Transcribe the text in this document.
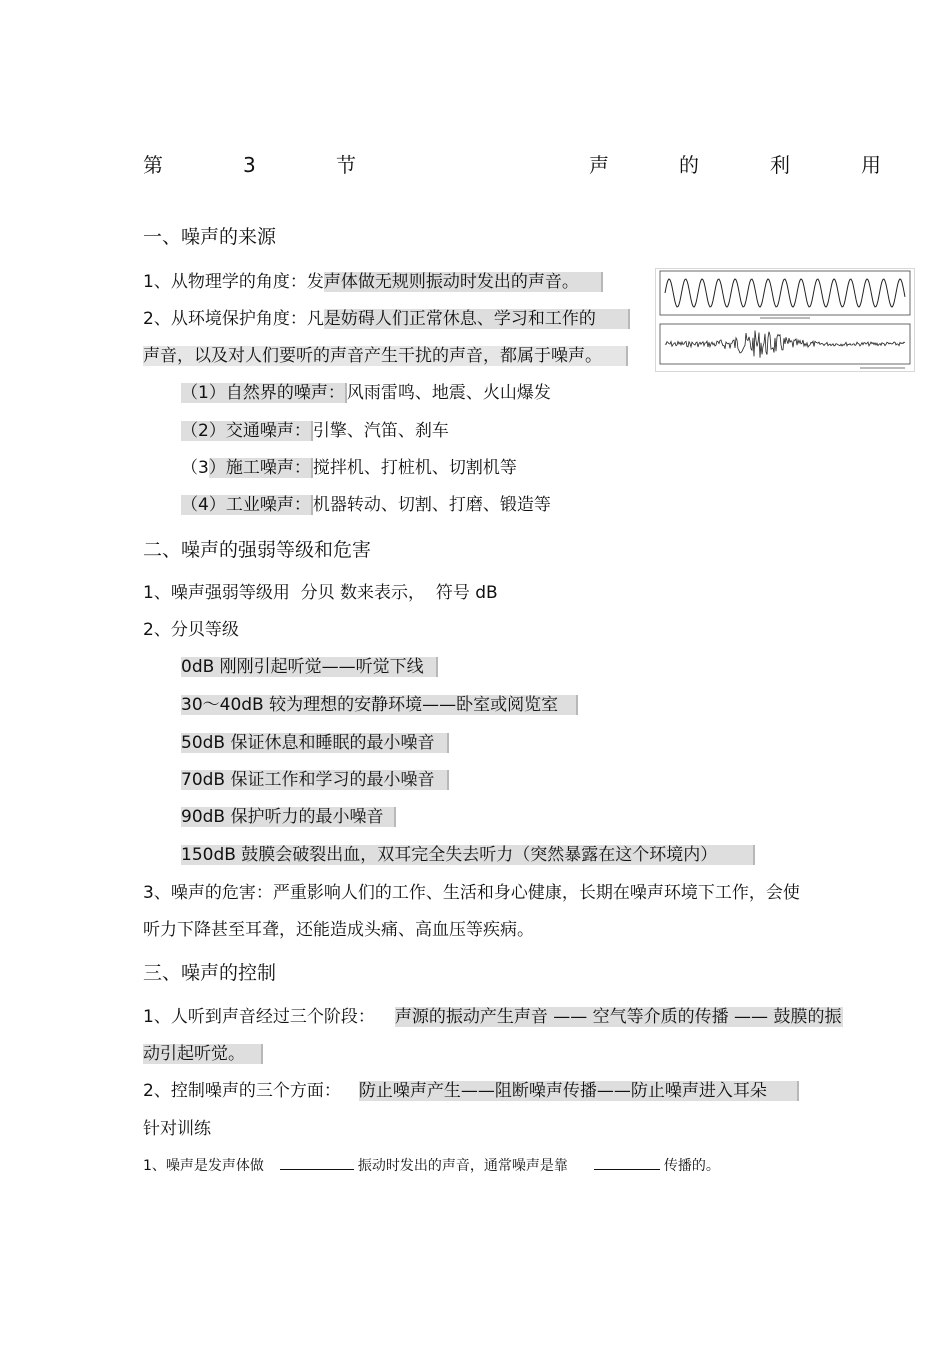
第	3	节	声	的	利	用
一、噪声的来源
1、从物理学的角度：发声体做无规则振动时发出的声音。
2、从环境保护角度：凡是妨碍人们正常休息、学习和工作的
声音，以及对人们要听的声音产生干扰的声音，都属于噪声。
（1）自然界的噪声： 风雨雷鸣、地震、火山爆发
（2）交通噪声： 引擎、汽笛、刹车
（3）施工噪声： 搅拌机、打桩机、切割机等
（4）工业噪声： 机器转动、切割、打磨、锻造等
二、噪声的强弱等级和危害
1、噪声强弱等级用  分贝 数来表示，  符号 dB
2、分贝等级
0dB 刚刚引起听觉——听觉下线
30～40dB 较为理想的安静环境——卧室或阅览室
50dB 保证休息和睡眠的最小噪音
70dB 保证工作和学习的最小噪音
90dB 保护听力的最小噪音
150dB 鼓膜会破裂出血，双耳完全失去听力（突然暴露在这个环境内）
3、噪声的危害：严重影响人们的工作、生活和身心健康，长期在噪声环境下工作，会使
听力下降甚至耳聋，还能造成头痛、高血压等疾病。
三、噪声的控制
1、人听到声音经过三个阶段： 声源的振动产生声音 —— 空气等介质的传播 —— 鼓膜的振
动引起听觉。
2、控制噪声的三个方面： 防止噪声产生——阻断噪声传播——防止噪声进入耳朵
针对训练
1、噪声是发声体做	振动时发出的声音，通常噪声是靠	传播的。
